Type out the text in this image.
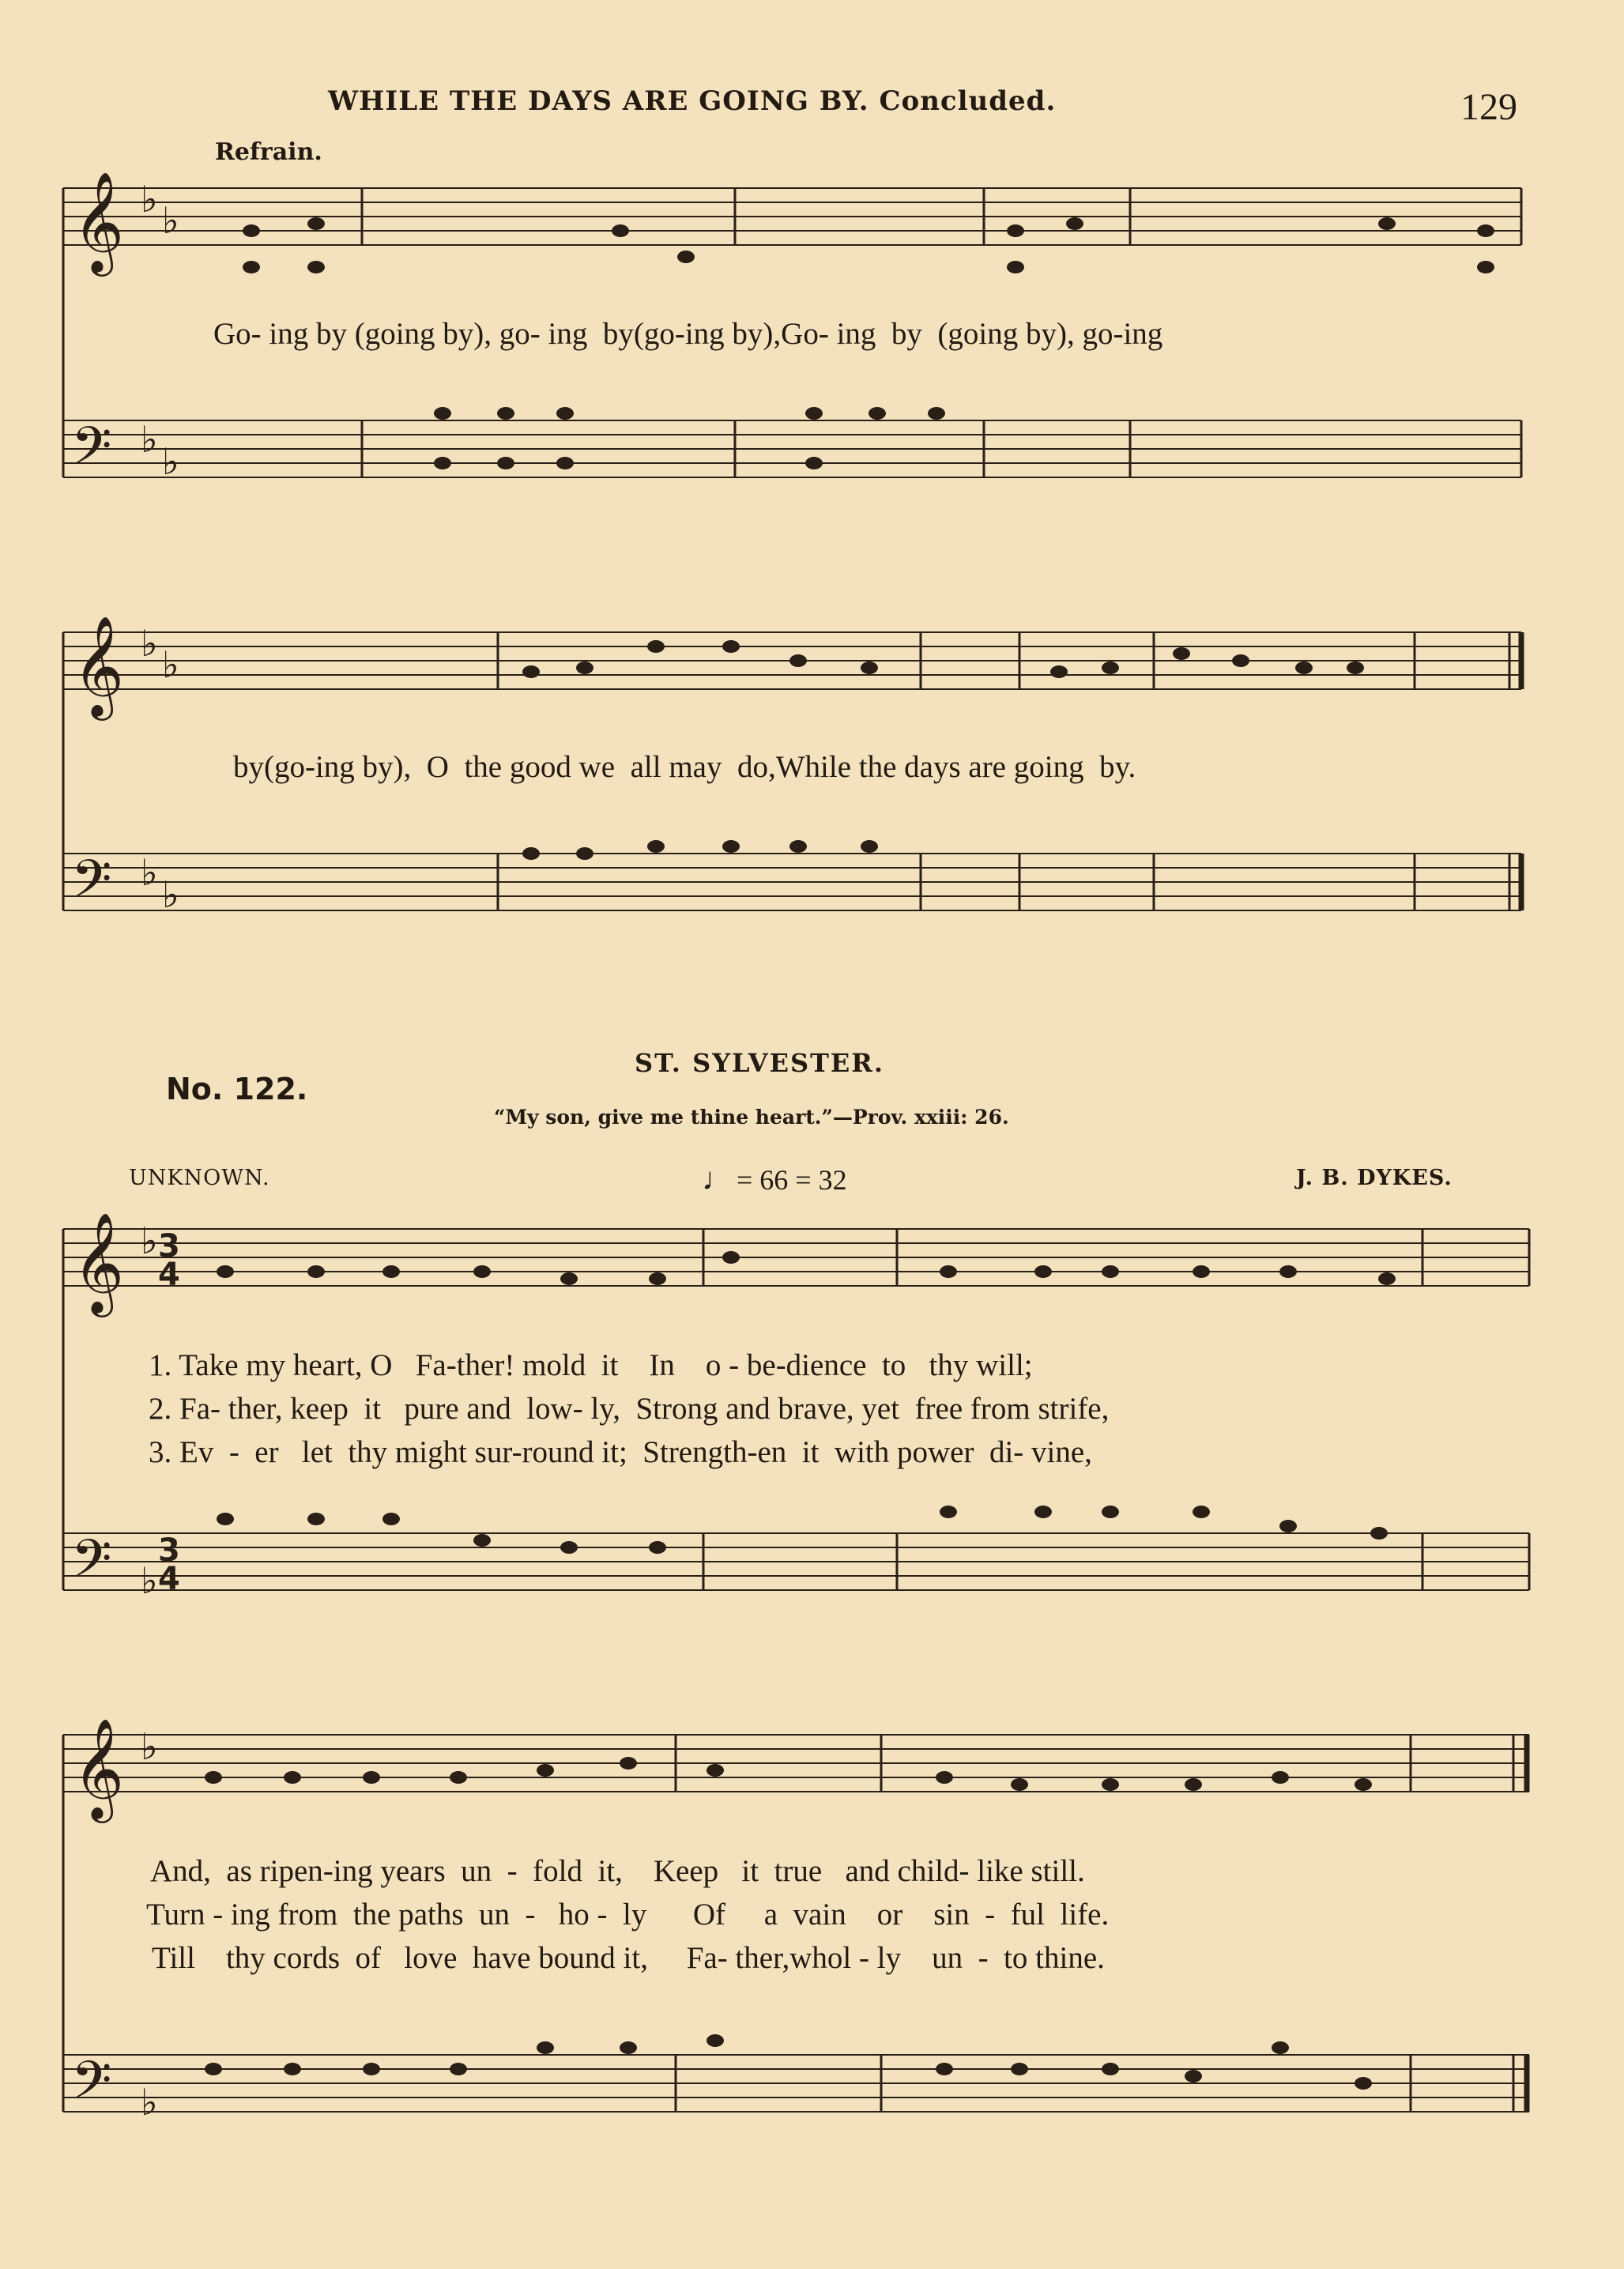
𝄞
𝄞
𝄞
𝄞
𝄢
𝄢
𝄢
𝄢
♭ ♭
♭ ♭
♭
♭
♭
♭
♭
♭
♭
♭
3
4
3
4
WHILE THE DAYS ARE GOING BY. Concluded.	129
Refrain.
Go- ing by (going by), go- ing  by(go-ing by),Go- ing  by  (going by), go-ing
by(go-ing by),  O  the good we  all may  do,While the days are going  by.
No. 122.
ST. SYLVESTER.
“My son, give me thine heart.”—Prov. xxiii: 26.
UNKNOWN.	♩ = 66 = 32	J. B. DYKES.
1. Take my heart, O   Fa-ther! mold  it    In    o - be-dience  to   thy will;
2. Fa- ther, keep  it   pure and  low- ly,  Strong and brave, yet  free from strife,
3. Ev  -  er   let  thy might sur-round it;  Strength-en  it  with power  di- vine,
And,  as ripen-ing years  un  -  fold  it,    Keep   it  true   and child- like still.
Turn - ing from  the paths  un  -   ho -  ly      Of     a  vain    or    sin  -  ful  life.
Till    thy cords  of   love  have bound it,     Fa- ther,whol - ly    un  -  to thine.
